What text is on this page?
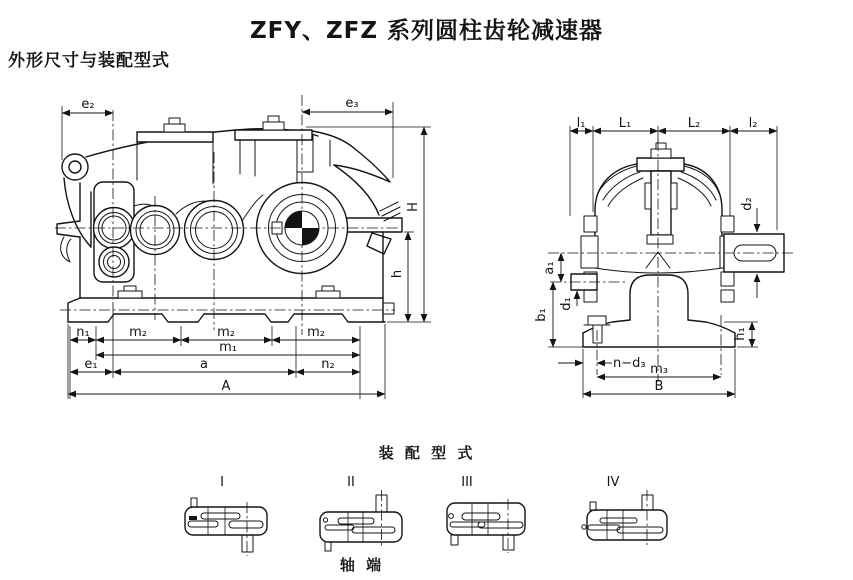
ZFY、ZFZ 系列圆柱齿轮减速器
外形尺寸与装配型式
e₂	e₃
H
h
n₁	m₂	m₂	m₂
m₁
e₁	a	n₂
A
l₁	L₁	L₂	l₂
d₂
a₁
b₁
d₁
h₁
n−d₃ m₃
B
装 配 型 式
I	II	III	IV
轴 端
